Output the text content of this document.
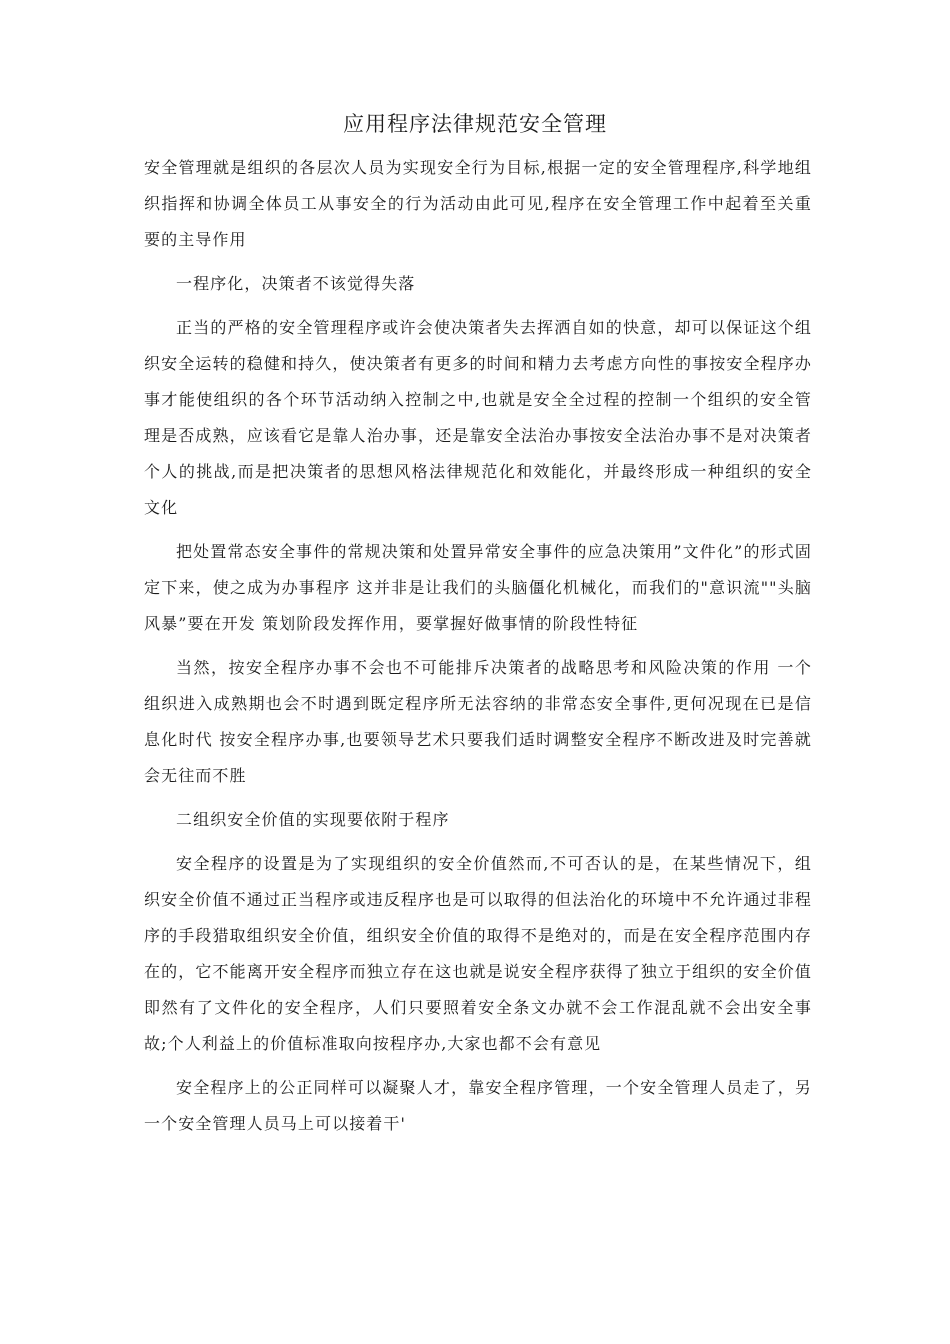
应用程序法律规范安全管理

安全管理就是组织的各层次人员为实现安全行为目标,根据一定的安全管理程序,科学地组织指挥和协调全体员工从事安全的行为活动由此可见,程序在安全管理工作中起着至关重要的主导作用

一程序化，决策者不该觉得失落

正当的严格的安全管理程序或许会使决策者失去挥洒自如的快意，却可以保证这个组织安全运转的稳健和持久，使决策者有更多的时间和精力去考虑方向性的事按安全程序办事才能使组织的各个环节活动纳入控制之中,也就是安全全过程的控制一个组织的安全管理是否成熟，应该看它是靠人治办事，还是靠安全法治办事按安全法治办事不是对决策者个人的挑战,而是把决策者的思想风格法律规范化和效能化，并最终形成一种组织的安全文化

把处置常态安全事件的常规决策和处置异常安全事件的应急决策用”文件化”的形式固定下来，使之成为办事程序 这并非是让我们的头脑僵化机械化，而我们的"意识流""头脑风暴”要在开发 策划阶段发挥作用，要掌握好做事情的阶段性特征

当然，按安全程序办事不会也不可能排斥决策者的战略思考和风险决策的作用 一个组织进入成熟期也会不时遇到既定程序所无法容纳的非常态安全事件,更何况现在已是信息化时代 按安全程序办事,也要领导艺术只要我们适时调整安全程序不断改进及时完善就会无往而不胜

二组织安全价值的实现要依附于程序

安全程序的设置是为了实现组织的安全价值然而,不可否认的是，在某些情况下，组织安全价值不通过正当程序或违反程序也是可以取得的但法治化的环境中不允许通过非程序的手段猎取组织安全价值，组织安全价值的取得不是绝对的，而是在安全程序范围内存在的，它不能离开安全程序而独立存在这也就是说安全程序获得了独立于组织的安全价值 即然有了文件化的安全程序，人们只要照着安全条文办就不会工作混乱就不会出安全事故;个人利益上的价值标准取向按程序办,大家也都不会有意见

安全程序上的公正同样可以凝聚人才，靠安全程序管理，一个安全管理人员走了，另一个安全管理人员马上可以接着干'
